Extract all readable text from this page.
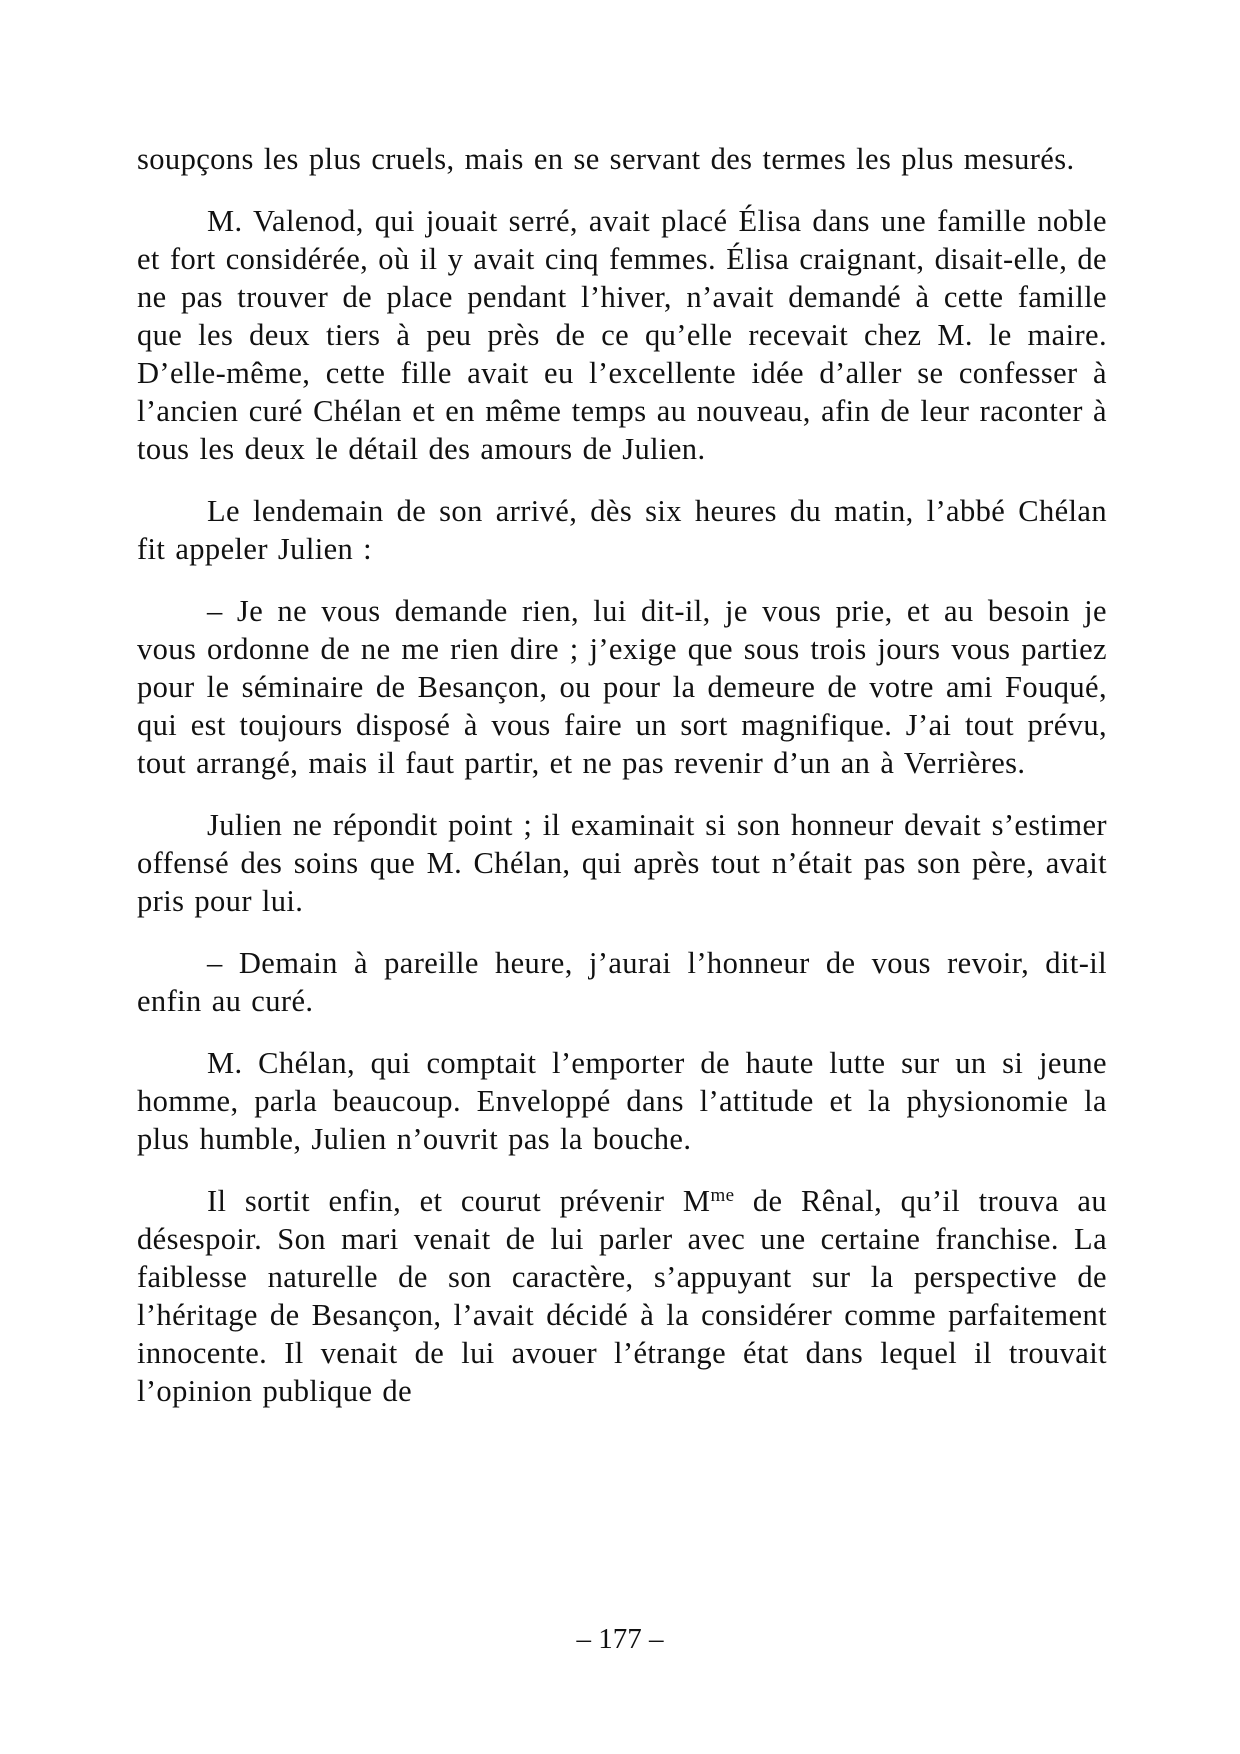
soupçons les plus cruels, mais en se servant des termes les plus mesurés.

M. Valenod, qui jouait serré, avait placé Élisa dans une famille noble et fort considérée, où il y avait cinq femmes. Élisa craignant, disait-elle, de ne pas trouver de place pendant l’hiver, n’avait demandé à cette famille que les deux tiers à peu près de ce qu’elle recevait chez M. le maire. D’elle-même, cette fille avait eu l’excellente idée d’aller se confesser à l’ancien curé Chélan et en même temps au nouveau, afin de leur raconter à tous les deux le détail des amours de Julien.

Le lendemain de son arrivé, dès six heures du matin, l’abbé Chélan fit appeler Julien :

– Je ne vous demande rien, lui dit-il, je vous prie, et au besoin je vous ordonne de ne me rien dire ; j’exige que sous trois jours vous partiez pour le séminaire de Besançon, ou pour la demeure de votre ami Fouqué, qui est toujours disposé à vous faire un sort magnifique. J’ai tout prévu, tout arrangé, mais il faut partir, et ne pas revenir d’un an à Verrières.

Julien ne répondit point ; il examinait si son honneur devait s’estimer offensé des soins que M. Chélan, qui après tout n’était pas son père, avait pris pour lui.

– Demain à pareille heure, j’aurai l’honneur de vous revoir, dit-il enfin au curé.

M. Chélan, qui comptait l’emporter de haute lutte sur un si jeune homme, parla beaucoup. Enveloppé dans l’attitude et la physionomie la plus humble, Julien n’ouvrit pas la bouche.

Il sortit enfin, et courut prévenir $M^{me}$ de Rênal, qu’il trouva au désespoir. Son mari venait de lui parler avec une certaine franchise. La faiblesse naturelle de son caractère, s’appuyant sur la perspective de l’héritage de Besançon, l’avait décidé à la considérer comme parfaitement innocente. Il venait de lui avouer l’étrange état dans lequel il trouvait l’opinion publique de

– 177 –
